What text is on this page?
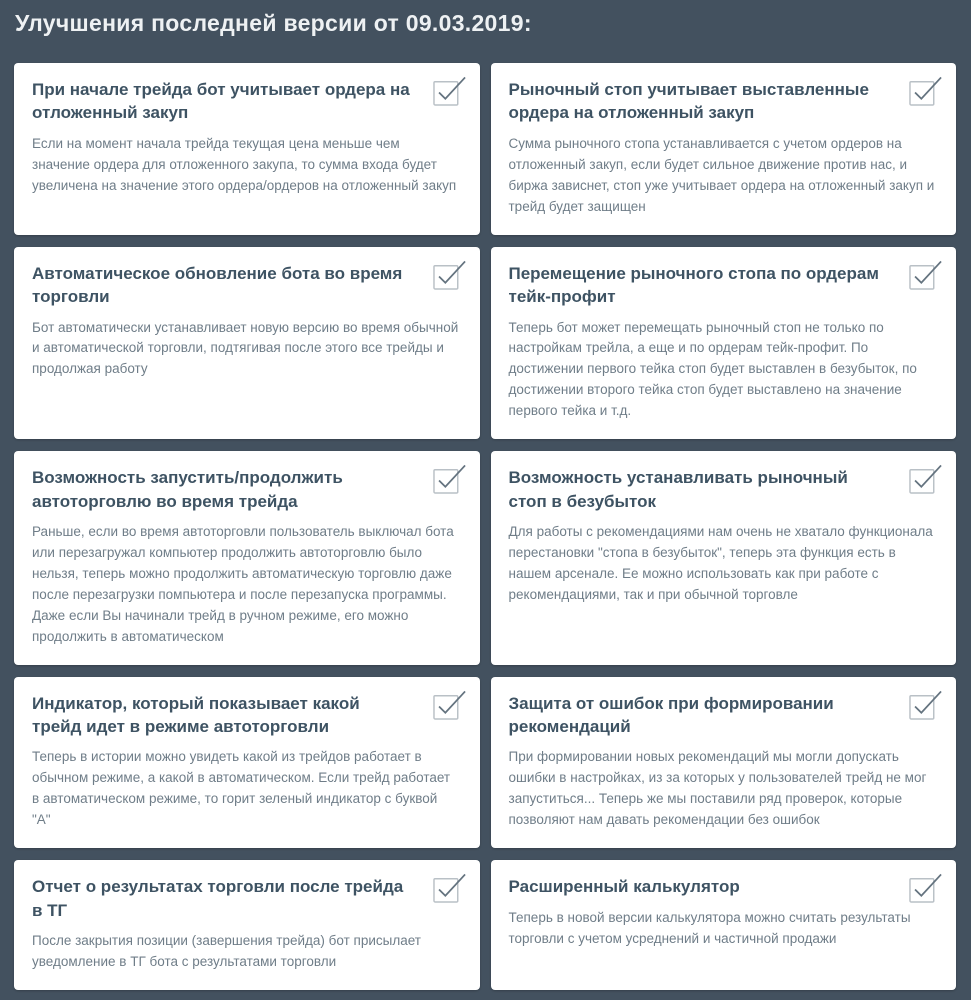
Улучшения последней версии от 09.03.2019:
При начале трейда бот учитывает ордера на отложенный закуп
Если на момент начала трейда текущая цена меньше чем значение ордера для отложенного закупа, то сумма входа будет увеличена на значение этого ордера/ордеров на отложенный закуп
Рыночный стоп учитывает выставленные ордера на отложенный закуп
Сумма рыночного стопа устанавливается с учетом ордеров на отложенный закуп, если будет сильное движение против нас, и биржа зависнет, стоп уже учитывает ордера на отложенный закуп и трейд будет защищен
Автоматическое обновление бота во время торговли
Бот автоматически устанавливает новую версию во время обычной и автоматической торговли, подтягивая после этого все трейды и продолжая работу
Перемещение рыночного стопа по ордерам тейк-профит
Теперь бот может перемещать рыночный стоп не только по настройкам трейла, а еще и по ордерам тейк-профит. По достижении первого тейка стоп будет выставлен в безубыток, по достижении второго тейка стоп будет выставлено на значение первого тейка и т.д.
Возможность запустить/продолжить автоторговлю во время трейда
Раньше, если во время автоторговли пользователь выключал бота или перезагружал компьютер продолжить автоторговлю было нельзя, теперь можно продолжить автоматическую торговлю даже после перезагрузки помпьютера и после перезапуска программы. Даже если Вы начинали трейд в ручном режиме, его можно продолжить в автоматическом
Возможность устанавливать рыночный стоп в безубыток
Для работы с рекомендациями нам очень не хватало функционала перестановки "стопа в безубыток", теперь эта функция есть в нашем арсенале. Ее можно использовать как при работе с рекомендациями, так и при обычной торговле
Индикатор, который показывает какой трейд идет в режиме автоторговли
Теперь в истории можно увидеть какой из трейдов работает в обычном режиме, а какой в автоматическом. Если трейд работает в автоматическом режиме, то горит зеленый индикатор с буквой "А"
Защита от ошибок при формировании рекомендаций
При формировании новых рекомендаций мы могли допускать ошибки в настройках, из за которых у пользователей трейд не мог запуститься... Теперь же мы поставили ряд проверок, которые позволяют нам давать рекомендации без ошибок
Отчет о результатах торговли после трейда в ТГ
После закрытия позиции (завершения трейда) бот присылает уведомление в ТГ бота с результатами торговли
Расширенный калькулятор
Теперь в новой версии калькулятора можно считать результаты торговли с учетом усреднений и частичной продажи
